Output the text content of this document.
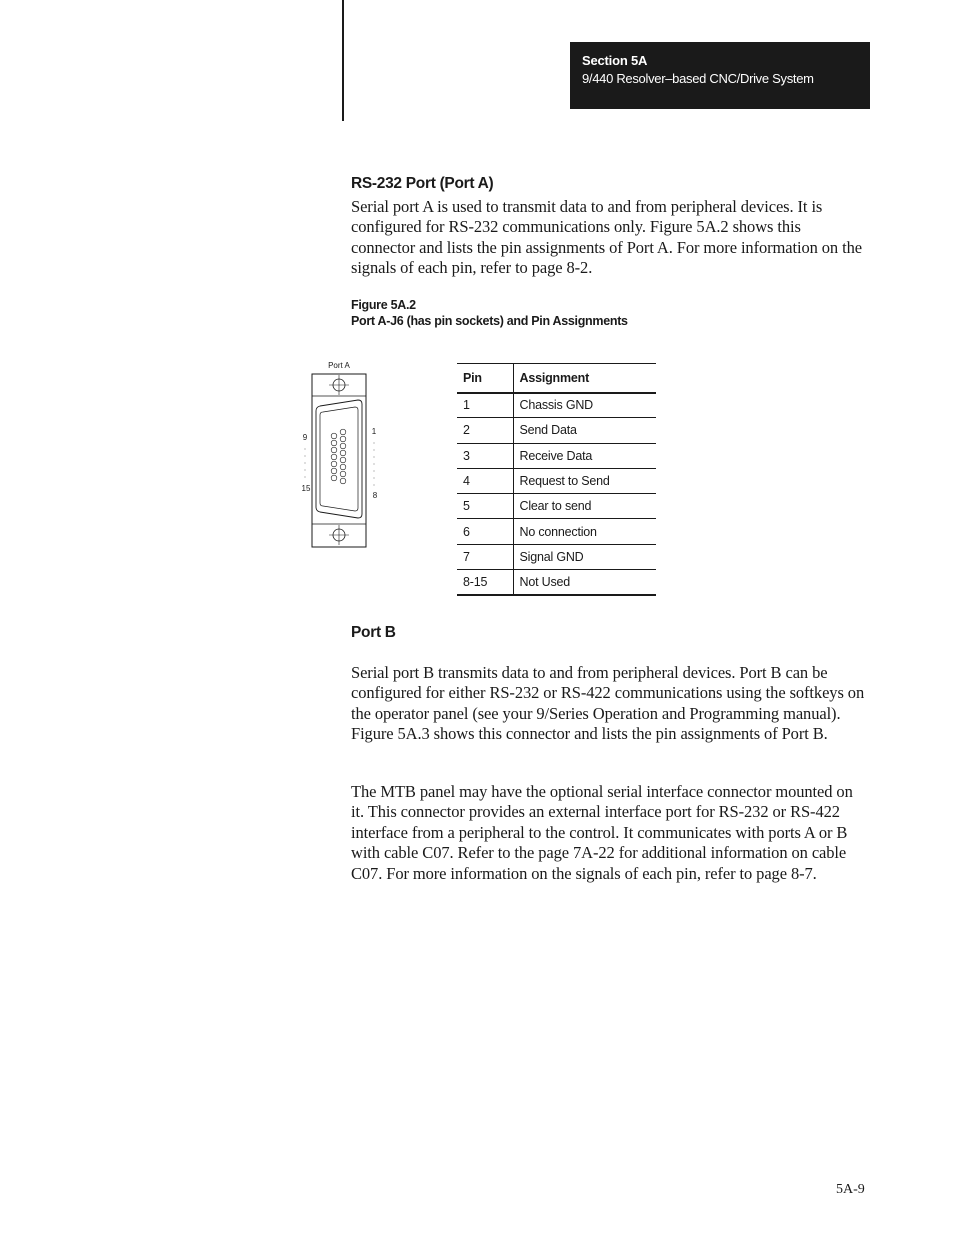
Section 5A
9/440 Resolver–based CNC/Drive System
RS-232 Port (Port A)

Serial port A is used to transmit data to and from peripheral devices. It is configured for RS-232 communications only. Figure 5A.2 shows this connector and lists the pin assignments of Port A. For more information on the signals of each pin, refer to page 8-2.

Figure 5A.2
Port A-J6 (has pin sockets) and Pin Assignments
Port A
9
15
1
8
Pin	Assignment
1	Chassis GND
2	Send Data
3	Receive Data
4	Request to Send
5	Clear to send
6	No connection
7	Signal GND
8-15	Not Used
Port B

Serial port B transmits data to and from peripheral devices. Port B can be configured for either RS-232 or RS-422 communications using the softkeys on the operator panel (see your 9/Series Operation and Programming manual). Figure 5A.3 shows this connector and lists the pin assignments of Port B.

The MTB panel may have the optional serial interface connector mounted on it. This connector provides an external interface port for RS-232 or RS-422 interface from a peripheral to the control. It communicates with ports A or B with cable C07. Refer to the page 7A-22 for additional information on cable C07. For more information on the signals of each pin, refer to page 8-7.

5A-9
